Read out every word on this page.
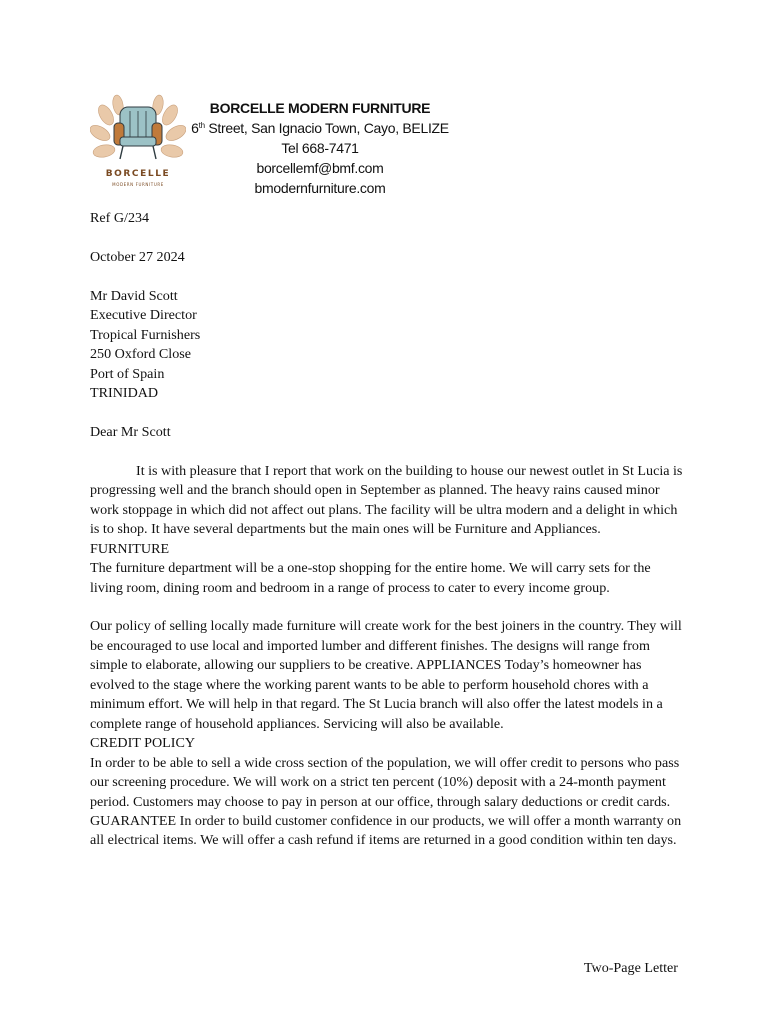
BORCELLE
MODERN FURNITURE
BORCELLE MODERN FURNITURE
6th Street, San Ignacio Town, Cayo, BELIZE
Tel 668-7471
borcellemf@bmf.com
bmodernfurniture.com

Ref G/234

October 27 2024

Mr David Scott

Executive Director

Tropical Furnishers

250 Oxford Close

Port of Spain

TRINIDAD

Dear Mr Scott

It is with pleasure that I report that work on the building to house our newest outlet in St Lucia is progressing well and the branch should open in September as planned. The heavy rains caused minor work stoppage in which did not affect out plans. The facility will be ultra modern and a delight in which is to shop. It have several departments but the main ones will be Furniture and Appliances.

FURNITURE

The furniture department will be a one-stop shopping for the entire home. We will carry sets for the living room, dining room and bedroom in a range of process to cater to every income group.

Our policy of selling locally made furniture will create work for the best joiners in the country. They will be encouraged to use local and imported lumber and different finishes. The designs will range from simple to elaborate, allowing our suppliers to be creative. APPLIANCES Today’s homeowner has evolved to the stage where the working parent wants to be able to perform household chores with a minimum effort. We will help in that regard. The St Lucia branch will also offer the latest models in a complete range of household appliances. Servicing will also be available.

CREDIT POLICY

In order to be able to sell a wide cross section of the population, we will offer credit to persons who pass our screening procedure. We will work on a strict ten percent (10%) deposit with a 24-month payment period. Customers may choose to pay in person at our office, through salary deductions or credit cards. GUARANTEE In order to build customer confidence in our products, we will offer a month warranty on all electrical items. We will offer a cash refund if items are returned in a good condition within ten days.

Two-Page Letter
